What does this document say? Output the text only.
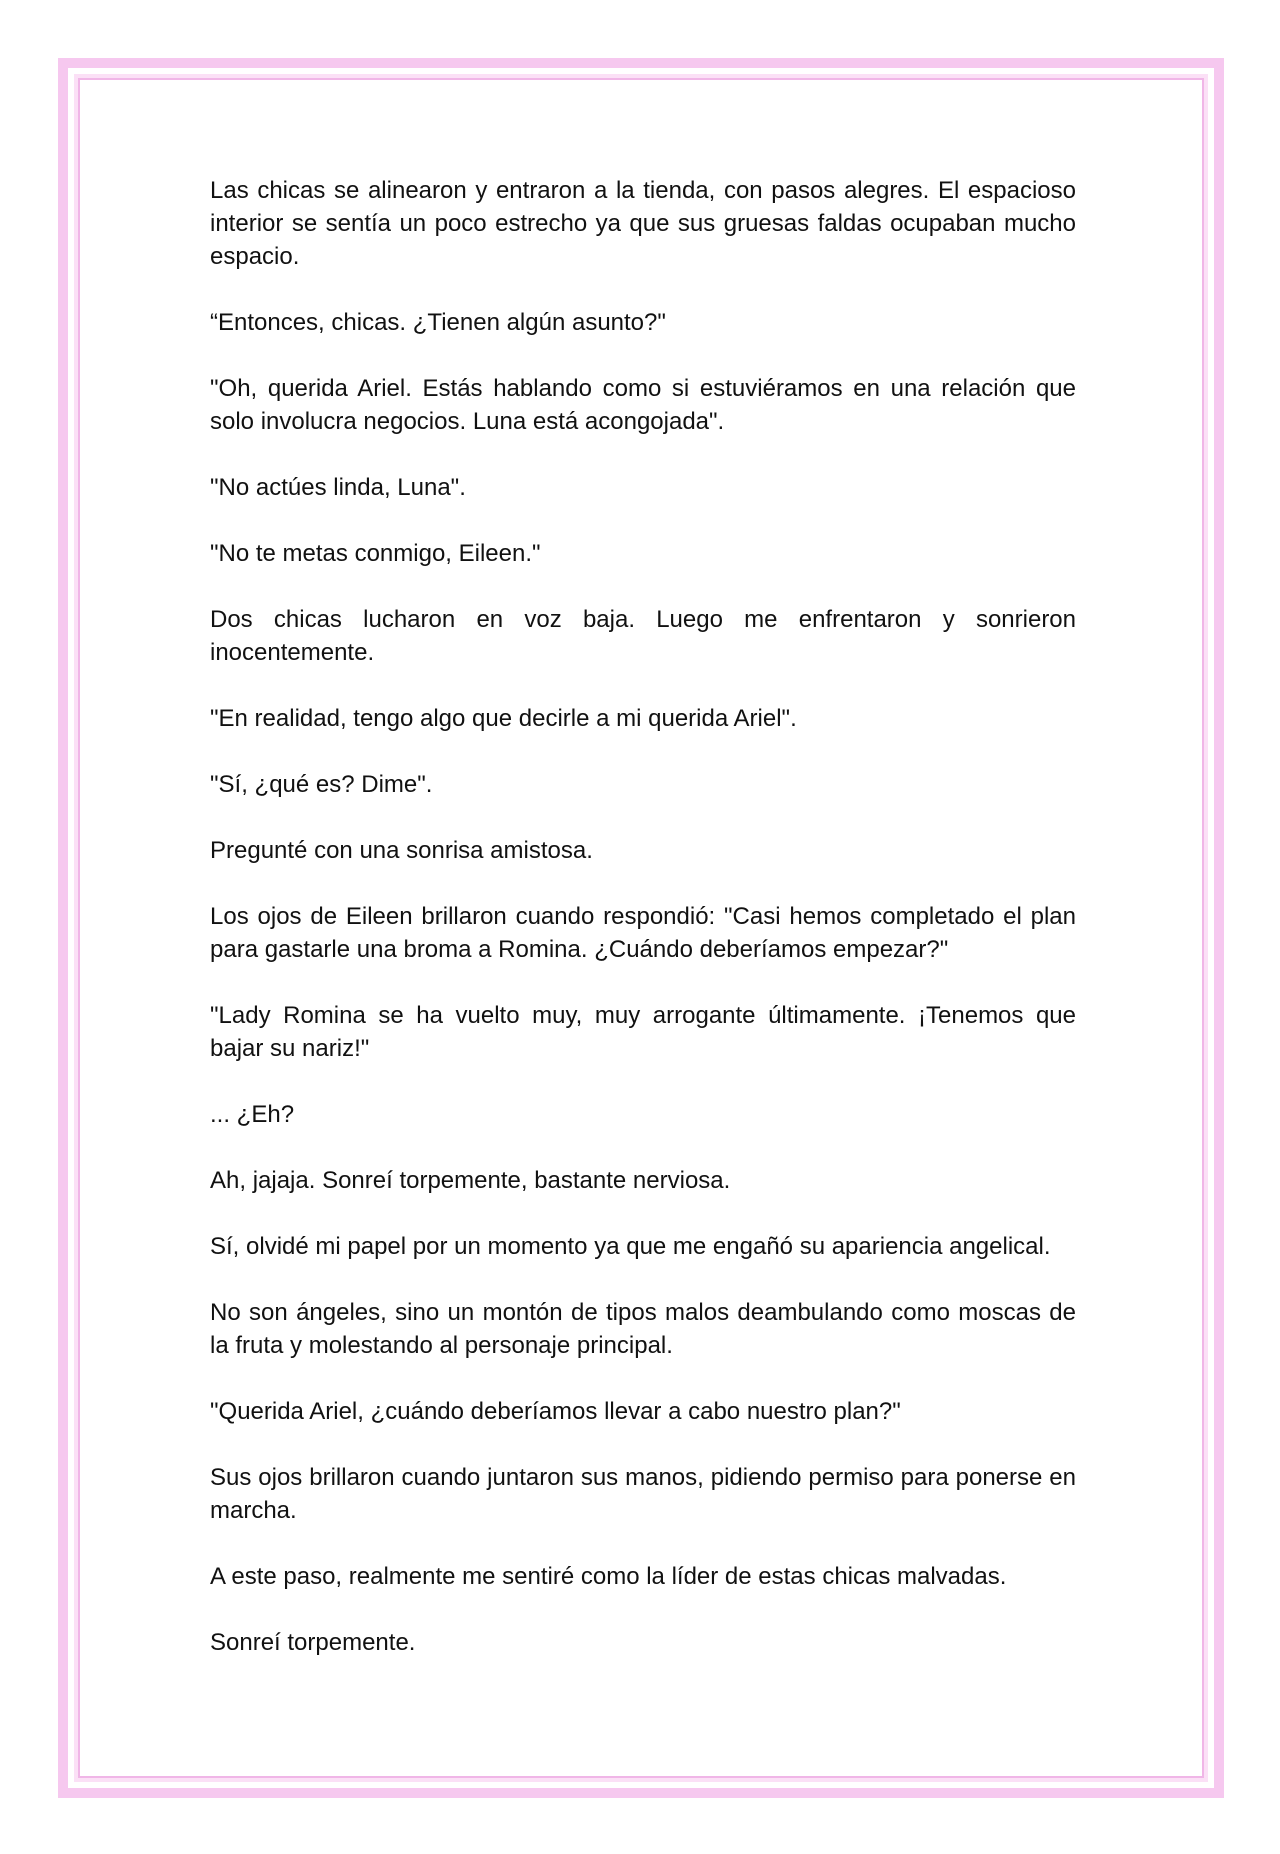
Las chicas se alinearon y entraron a la tienda, con pasos alegres. El espacioso interior se sentía un poco estrecho ya que sus gruesas faldas ocupaban mucho espacio.

“Entonces, chicas. ¿Tienen algún asunto?"

"Oh, querida Ariel. Estás hablando como si estuviéramos en una relación que solo involucra negocios. Luna está acongojada".

"No actúes linda, Luna".

"No te metas conmigo, Eileen."

Dos chicas lucharon en voz baja. Luego me enfrentaron y sonrieron inocentemente.

"En realidad, tengo algo que decirle a mi querida Ariel".

"Sí, ¿qué es? Dime".

Pregunté con una sonrisa amistosa.

Los ojos de Eileen brillaron cuando respondió: "Casi hemos completado el plan para gastarle una broma a Romina. ¿Cuándo deberíamos empezar?"

"Lady Romina se ha vuelto muy, muy arrogante últimamente. ¡Tenemos que bajar su nariz!"

... ¿Eh?

Ah, jajaja. Sonreí torpemente, bastante nerviosa.

Sí, olvidé mi papel por un momento ya que me engañó su apariencia angelical.

No son ángeles, sino un montón de tipos malos deambulando como moscas de la fruta y molestando al personaje principal.

"Querida Ariel, ¿cuándo deberíamos llevar a cabo nuestro plan?"

Sus ojos brillaron cuando juntaron sus manos, pidiendo permiso para ponerse en marcha.

A este paso, realmente me sentiré como la líder de estas chicas malvadas.

Sonreí torpemente.
